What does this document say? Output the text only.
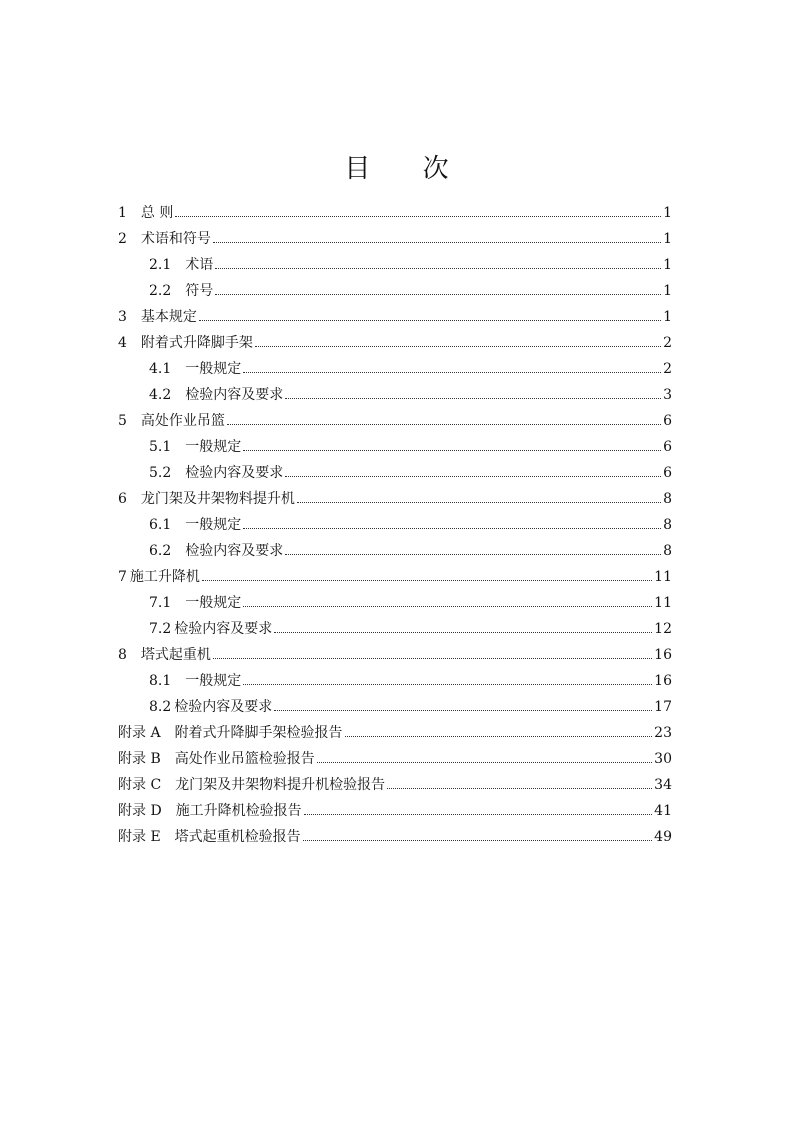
目 次
1 总 则	1
2 术语和符号	1
2.1 术语	1
2.2 符号	1
3 基本规定	1
4 附着式升降脚手架	2
4.1 一般规定	2
4.2 检验内容及要求	3
5 高处作业吊篮	6
5.1 一般规定	6
5.2 检验内容及要求	6
6 龙门架及井架物料提升机	8
6.1 一般规定	8
6.2 检验内容及要求	8
7 施工升降机	11
7.1 一般规定	11
7.2 检验内容及要求	12
8 塔式起重机	16
8.1 一般规定	16
8.2 检验内容及要求	17
附录 A 附着式升降脚手架检验报告	23
附录 B 高处作业吊篮检验报告	30
附录 C 龙门架及井架物料提升机检验报告	34
附录 D 施工升降机检验报告	41
附录 E 塔式起重机检验报告	49
